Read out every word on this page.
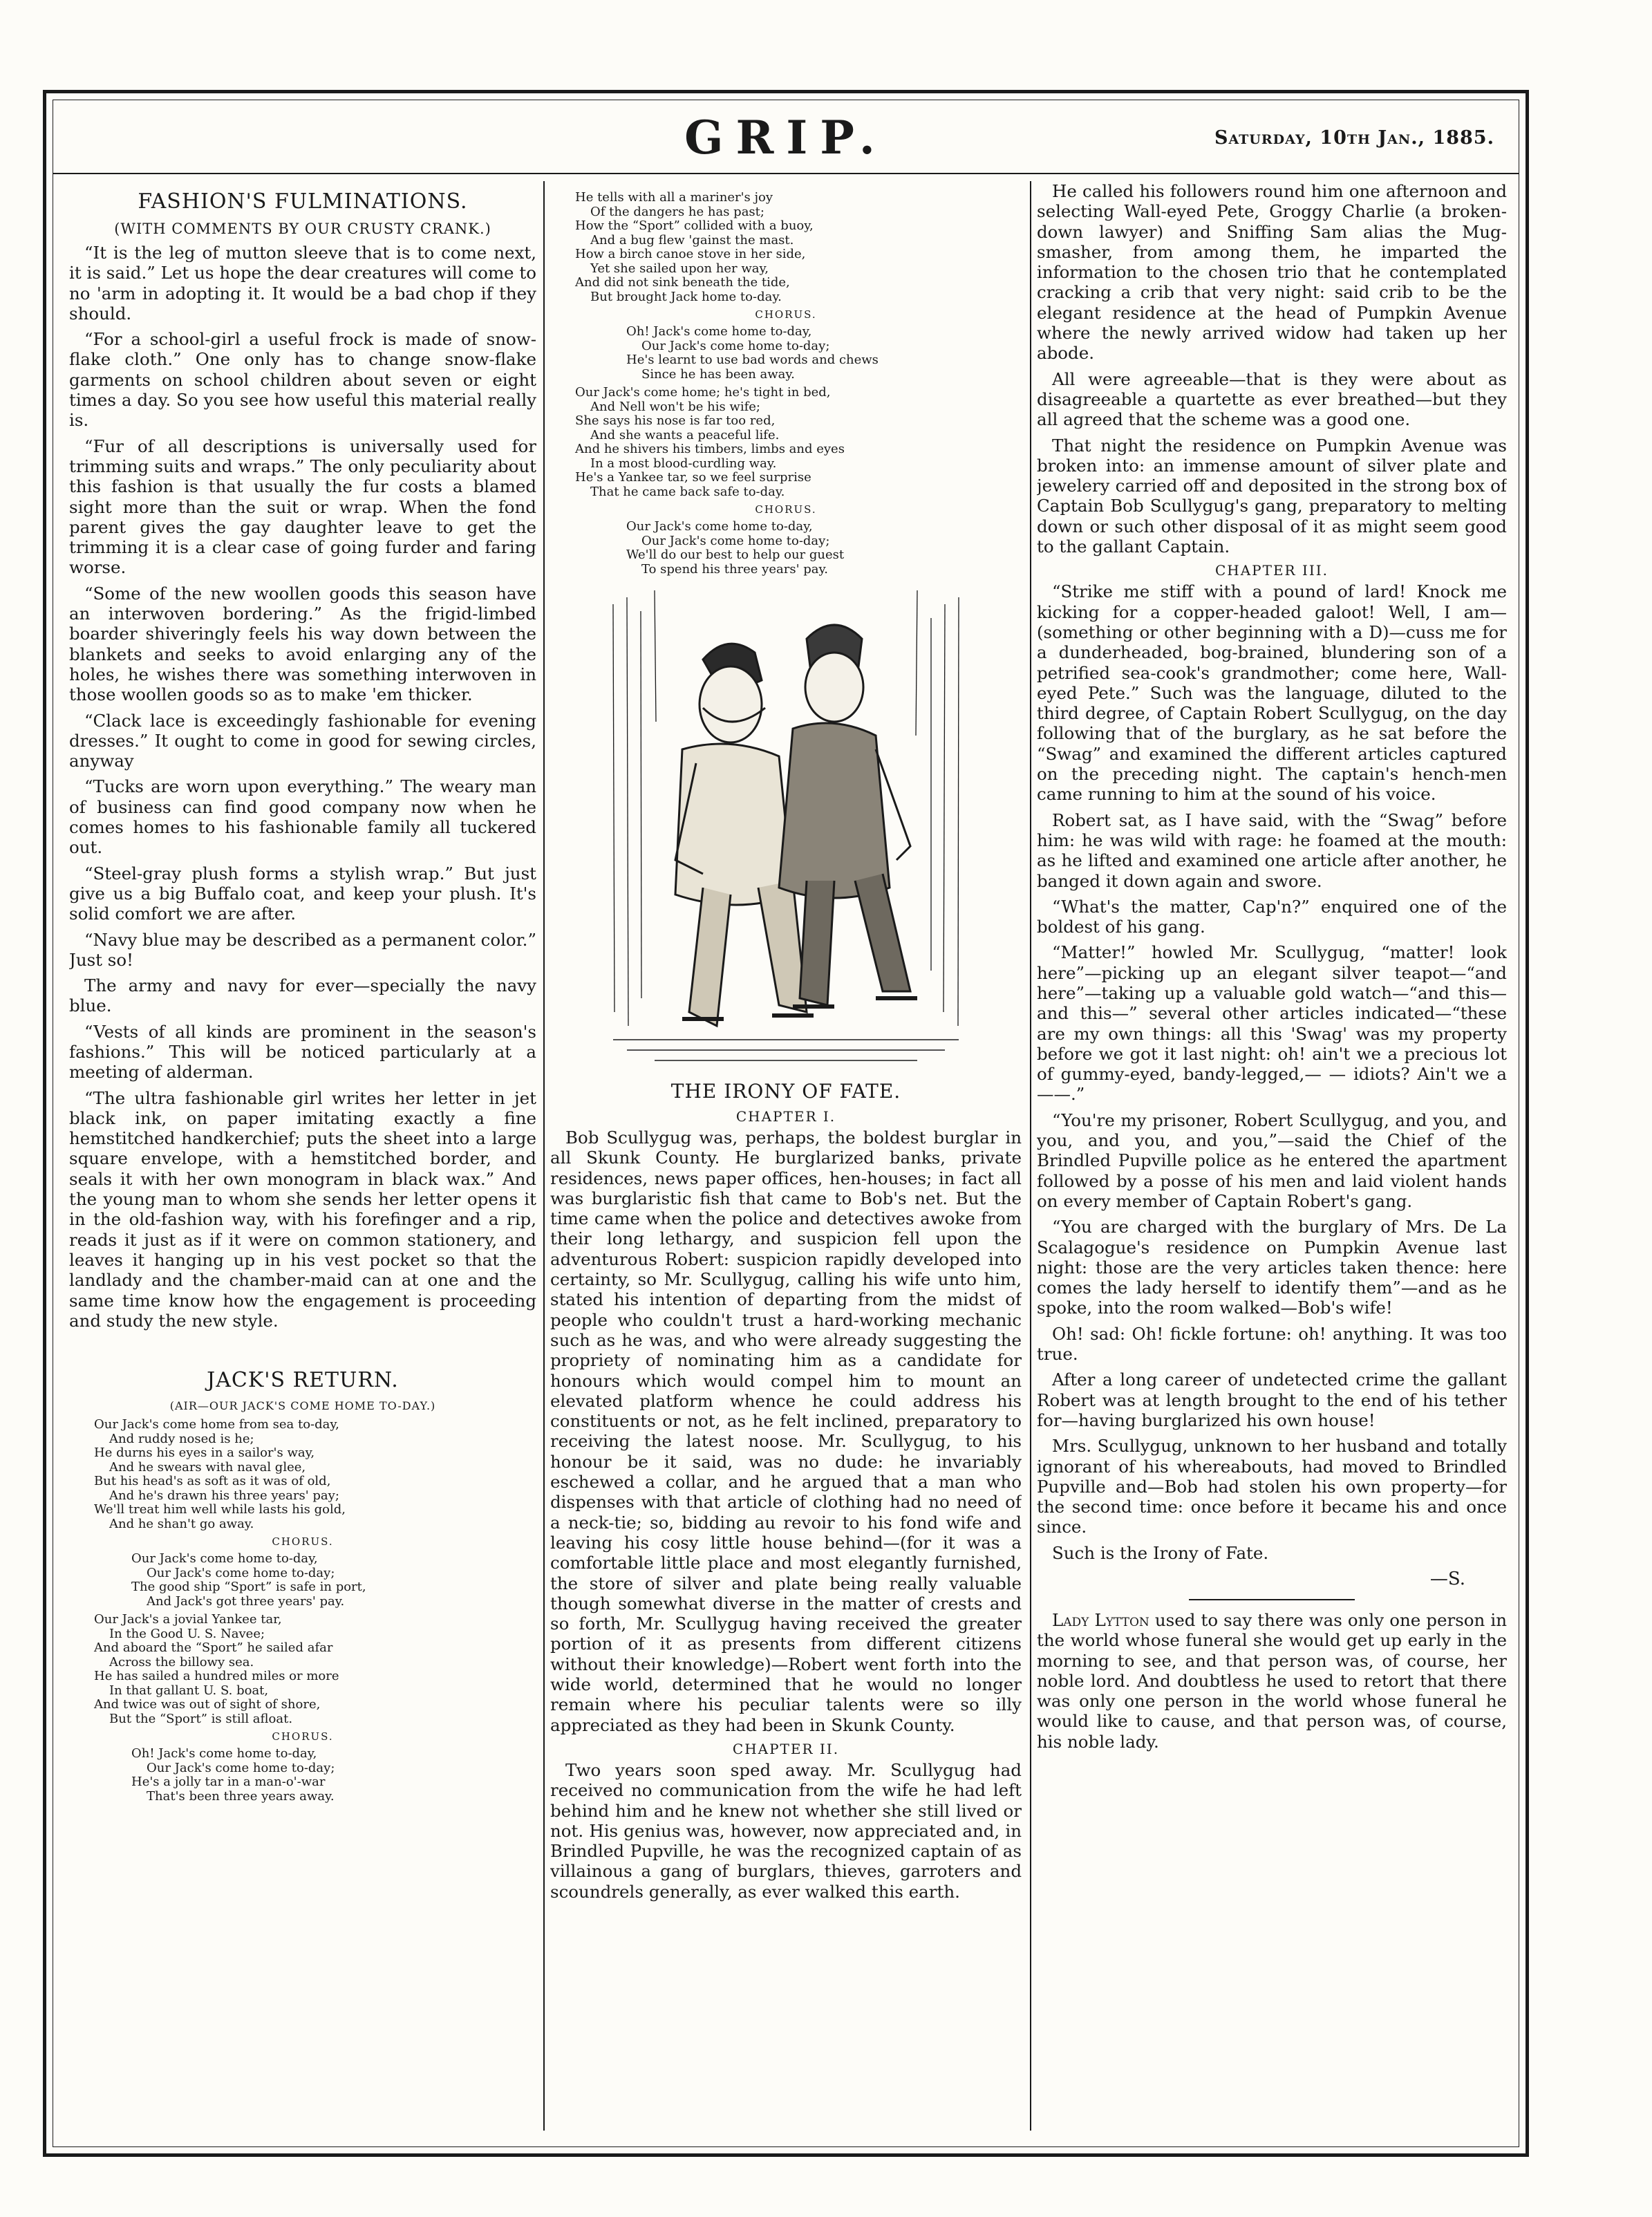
GRIP.	Saturday, 10th Jan., 1885.
FASHION'S FULMINATIONS.
(WITH COMMENTS BY OUR CRUSTY CRANK.)

“It is the leg of mutton sleeve that is to come next, it is said.” Let us hope the dear creatures will come to no 'arm in adopting it. It would be a bad chop if they should.

“For a school-girl a useful frock is made of snow-flake cloth.” One only has to change snow-flake garments on school children about seven or eight times a day. So you see how useful this material really is.

“Fur of all descriptions is universally used for trimming suits and wraps.” The only peculiarity about this fashion is that usually the fur costs a blamed sight more than the suit or wrap. When the fond parent gives the gay daughter leave to get the trimming it is a clear case of going furder and faring worse.

“Some of the new woollen goods this season have an interwoven bordering.” As the frigid-limbed boarder shiveringly feels his way down between the blankets and seeks to avoid enlarging any of the holes, he wishes there was something interwoven in those woollen goods so as to make 'em thicker.

“Clack lace is exceedingly fashionable for evening dresses.” It ought to come in good for sewing circles, anyway

“Tucks are worn upon everything.” The weary man of business can find good company now when he comes homes to his fashionable family all tuckered out.

“Steel-gray plush forms a stylish wrap.” But just give us a big Buffalo coat, and keep your plush. It's solid comfort we are after.

“Navy blue may be described as a permanent color.” Just so!

The army and navy for ever—specially the navy blue.

“Vests of all kinds are prominent in the season's fashions.” This will be noticed particularly at a meeting of alderman.

“The ultra fashionable girl writes her letter in jet black ink, on paper imitating exactly a fine hemstitched handkerchief; puts the sheet into a large square envelope, with a hemstitched border, and seals it with her own monogram in black wax.” And the young man to whom she sends her letter opens it in the old-fashion way, with his forefinger and a rip, reads it just as if it were on common stationery, and leaves it hanging up in his vest pocket so that the landlady and the chamber-maid can at one and the same time know how the engagement is proceeding and study the new style.

JACK'S RETURN.
(AIR—OUR JACK'S COME HOME TO-DAY.)
Our Jack's come home from sea to-day,
And ruddy nosed is he;
He durns his eyes in a sailor's way,
And he swears with naval glee,
But his head's as soft as it was of old,
And he's drawn his three years' pay;
We'll treat him well while lasts his gold,
And he shan't go away.
CHORUS.
Our Jack's come home to-day,
Our Jack's come home to-day;
The good ship “Sport” is safe in port,
And Jack's got three years' pay.
Our Jack's a jovial Yankee tar,
In the Good U. S. Navee;
And aboard the “Sport” he sailed afar
Across the billowy sea.
He has sailed a hundred miles or more
In that gallant U. S. boat,
And twice was out of sight of shore,
But the “Sport” is still afloat.
CHORUS.
Oh! Jack's come home to-day,
Our Jack's come home to-day;
He's a jolly tar in a man-o'-war
That's been three years away.
He tells with all a mariner's joy
Of the dangers he has past;
How the “Sport” collided with a buoy,
And a bug flew 'gainst the mast.
How a birch canoe stove in her side,
Yet she sailed upon her way,
And did not sink beneath the tide,
But brought Jack home to-day.
CHORUS.
Oh! Jack's come home to-day,
Our Jack's come home to-day;
He's learnt to use bad words and chews
Since he has been away.
Our Jack's come home; he's tight in bed,
And Nell won't be his wife;
She says his nose is far too red,
And she wants a peaceful life.
And he shivers his timbers, limbs and eyes
In a most blood-curdling way.
He's a Yankee tar, so we feel surprise
That he came back safe to-day.
CHORUS.
Our Jack's come home to-day,
Our Jack's come home to-day;
We'll do our best to help our guest
To spend his three years' pay.
THE IRONY OF FATE.
CHAPTER I.

Bob Scullygug was, perhaps, the boldest burglar in all Skunk County. He burglarized banks, private residences, news paper offices, hen-houses; in fact all was burglaristic fish that came to Bob's net. But the time came when the police and detectives awoke from their long lethargy, and suspicion fell upon the adventurous Robert: suspicion rapidly developed into certainty, so Mr. Scullygug, calling his wife unto him, stated his intention of departing from the midst of people who couldn't trust a hard-working mechanic such as he was, and who were already suggesting the propriety of nominating him as a candidate for honours which would compel him to mount an elevated platform whence he could address his constituents or not, as he felt inclined, preparatory to receiving the latest noose. Mr. Scullygug, to his honour be it said, was no dude: he invariably eschewed a collar, and he argued that a man who dispenses with that article of clothing had no need of a neck-tie; so, bidding au revoir to his fond wife and leaving his cosy little house behind—(for it was a comfortable little place and most elegantly furnished, the store of silver and plate being really valuable though somewhat diverse in the matter of crests and so forth, Mr. Scullygug having received the greater portion of it as presents from different citizens without their knowledge)—Robert went forth into the wide world, determined that he would no longer remain where his peculiar talents were so illy appreciated as they had been in Skunk County.

CHAPTER II.

Two years soon sped away. Mr. Scullygug had received no communication from the wife he had left behind him and he knew not whether she still lived or not. His genius was, however, now appreciated and, in Brindled Pupville, he was the recognized captain of as villainous a gang of burglars, thieves, garroters and scoundrels generally, as ever walked this earth.

He called his followers round him one afternoon and selecting Wall-eyed Pete, Groggy Charlie (a broken-down lawyer) and Sniffing Sam alias the Mug-smasher, from among them, he imparted the information to the chosen trio that he contemplated cracking a crib that very night: said crib to be the elegant residence at the head of Pumpkin Avenue where the newly arrived widow had taken up her abode.

All were agreeable—that is they were about as disagreeable a quartette as ever breathed—but they all agreed that the scheme was a good one.

That night the residence on Pumpkin Avenue was broken into: an immense amount of silver plate and jewelery carried off and deposited in the strong box of Captain Bob Scullygug's gang, preparatory to melting down or such other disposal of it as might seem good to the gallant Captain.

CHAPTER III.

“Strike me stiff with a pound of lard! Knock me kicking for a copper-headed galoot! Well, I am—(something or other beginning with a D)—cuss me for a dunderheaded, bog-brained, blundering son of a petrified sea-cook's grandmother; come here, Wall-eyed Pete.” Such was the language, diluted to the third degree, of Captain Robert Scullygug, on the day following that of the burglary, as he sat before the “Swag” and examined the different articles captured on the preceding night. The captain's hench-men came running to him at the sound of his voice.

Robert sat, as I have said, with the “Swag” before him: he was wild with rage: he foamed at the mouth: as he lifted and examined one article after another, he banged it down again and swore.

“What's the matter, Cap'n?” enquired one of the boldest of his gang.

“Matter!” howled Mr. Scullygug, “matter! look here”—picking up an elegant silver teapot—“and here”—taking up a valuable gold watch—“and this—and this—” several other articles indicated—“these are my own things: all this 'Swag' was my property before we got it last night: oh! ain't we a precious lot of gummy-eyed, bandy-legged,— — idiots? Ain't we a——.”

“You're my prisoner, Robert Scullygug, and you, and you, and you, and you,”—said the Chief of the Brindled Pupville police as he entered the apartment followed by a posse of his men and laid violent hands on every member of Captain Robert's gang.

“You are charged with the burglary of Mrs. De La Scalagogue's residence on Pumpkin Avenue last night: those are the very articles taken thence: here comes the lady herself to identify them”—and as he spoke, into the room walked—Bob's wife!

Oh! sad: Oh! fickle fortune: oh! anything. It was too true.

After a long career of undetected crime the gallant Robert was at length brought to the end of his tether for—having burglarized his own house!

Mrs. Scullygug, unknown to her husband and totally ignorant of his whereabouts, had moved to Brindled Pupville and—Bob had stolen his own property—for the second time: once before it became his and once since.

Such is the Irony of Fate.

—S.

Lady Lytton used to say there was only one person in the world whose funeral she would get up early in the morning to see, and that person was, of course, her noble lord. And doubtless he used to retort that there was only one person in the world whose funeral he would like to cause, and that person was, of course, his noble lady.
